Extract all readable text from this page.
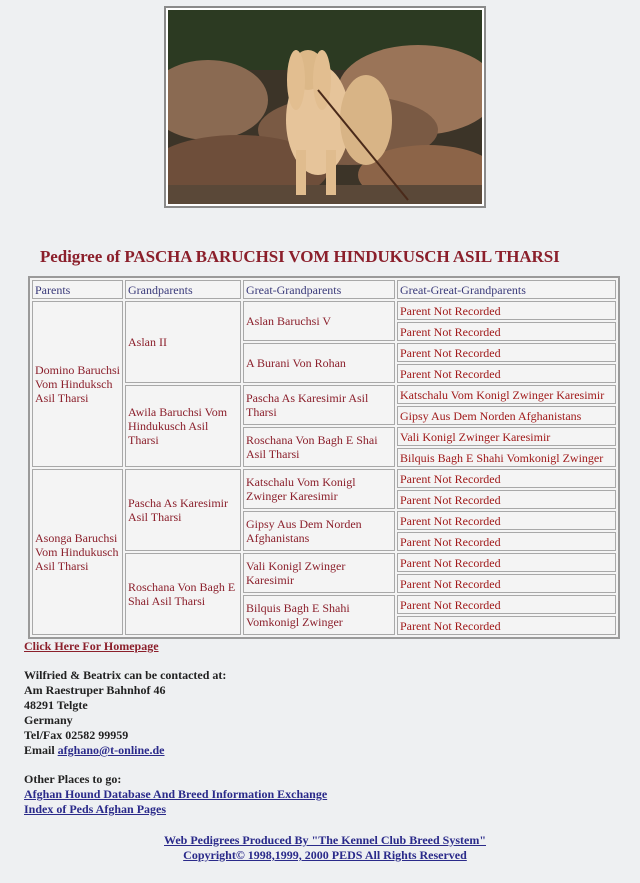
Pedigree of PASCHA BARUCHSI VOM HINDUKUSCH ASIL THARSI
Parents	Grandparents	Great-Grandparents	Great-Great-Grandparents
Domino Baruchsi Vom Hinduksch Asil Tharsi	Aslan II	Aslan Baruchsi V	Parent Not Recorded
			Parent Not Recorded
		A Burani Von Rohan	Parent Not Recorded
			Parent Not Recorded
	Awila Baruchsi Vom Hindukusch Asil Tharsi	Pascha As Karesimir Asil Tharsi	Katschalu Vom Konigl Zwinger Karesimir
			Gipsy Aus Dem Norden Afghanistans
		Roschana Von Bagh E Shai Asil Tharsi	Vali Konigl Zwinger Karesimir
			Bilquis Bagh E Shahi Vomkonigl Zwinger
Asonga Baruchsi Vom Hindukusch Asil Tharsi	Pascha As Karesimir Asil Tharsi	Katschalu Vom Konigl Zwinger Karesimir	Parent Not Recorded
			Parent Not Recorded
		Gipsy Aus Dem Norden Afghanistans	Parent Not Recorded
			Parent Not Recorded
	Roschana Von Bagh E Shai Asil Tharsi	Vali Konigl Zwinger Karesimir	Parent Not Recorded
			Parent Not Recorded
		Bilquis Bagh E Shahi Vomkonigl Zwinger	Parent Not Recorded
			Parent Not Recorded
Click Here For Homepage
Wilfried & Beatrix can be contacted at:
Am Raestruper Bahnhof 46
48291 Telgte
Germany
Tel/Fax 02582 99959
Email afghano@t-online.de
Other Places to go:
Afghan Hound Database And Breed Information Exchange
Index of Peds Afghan Pages
Web Pedigrees Produced By "The Kennel Club Breed System"
Copyright© 1998,1999, 2000 PEDS All Rights Reserved
